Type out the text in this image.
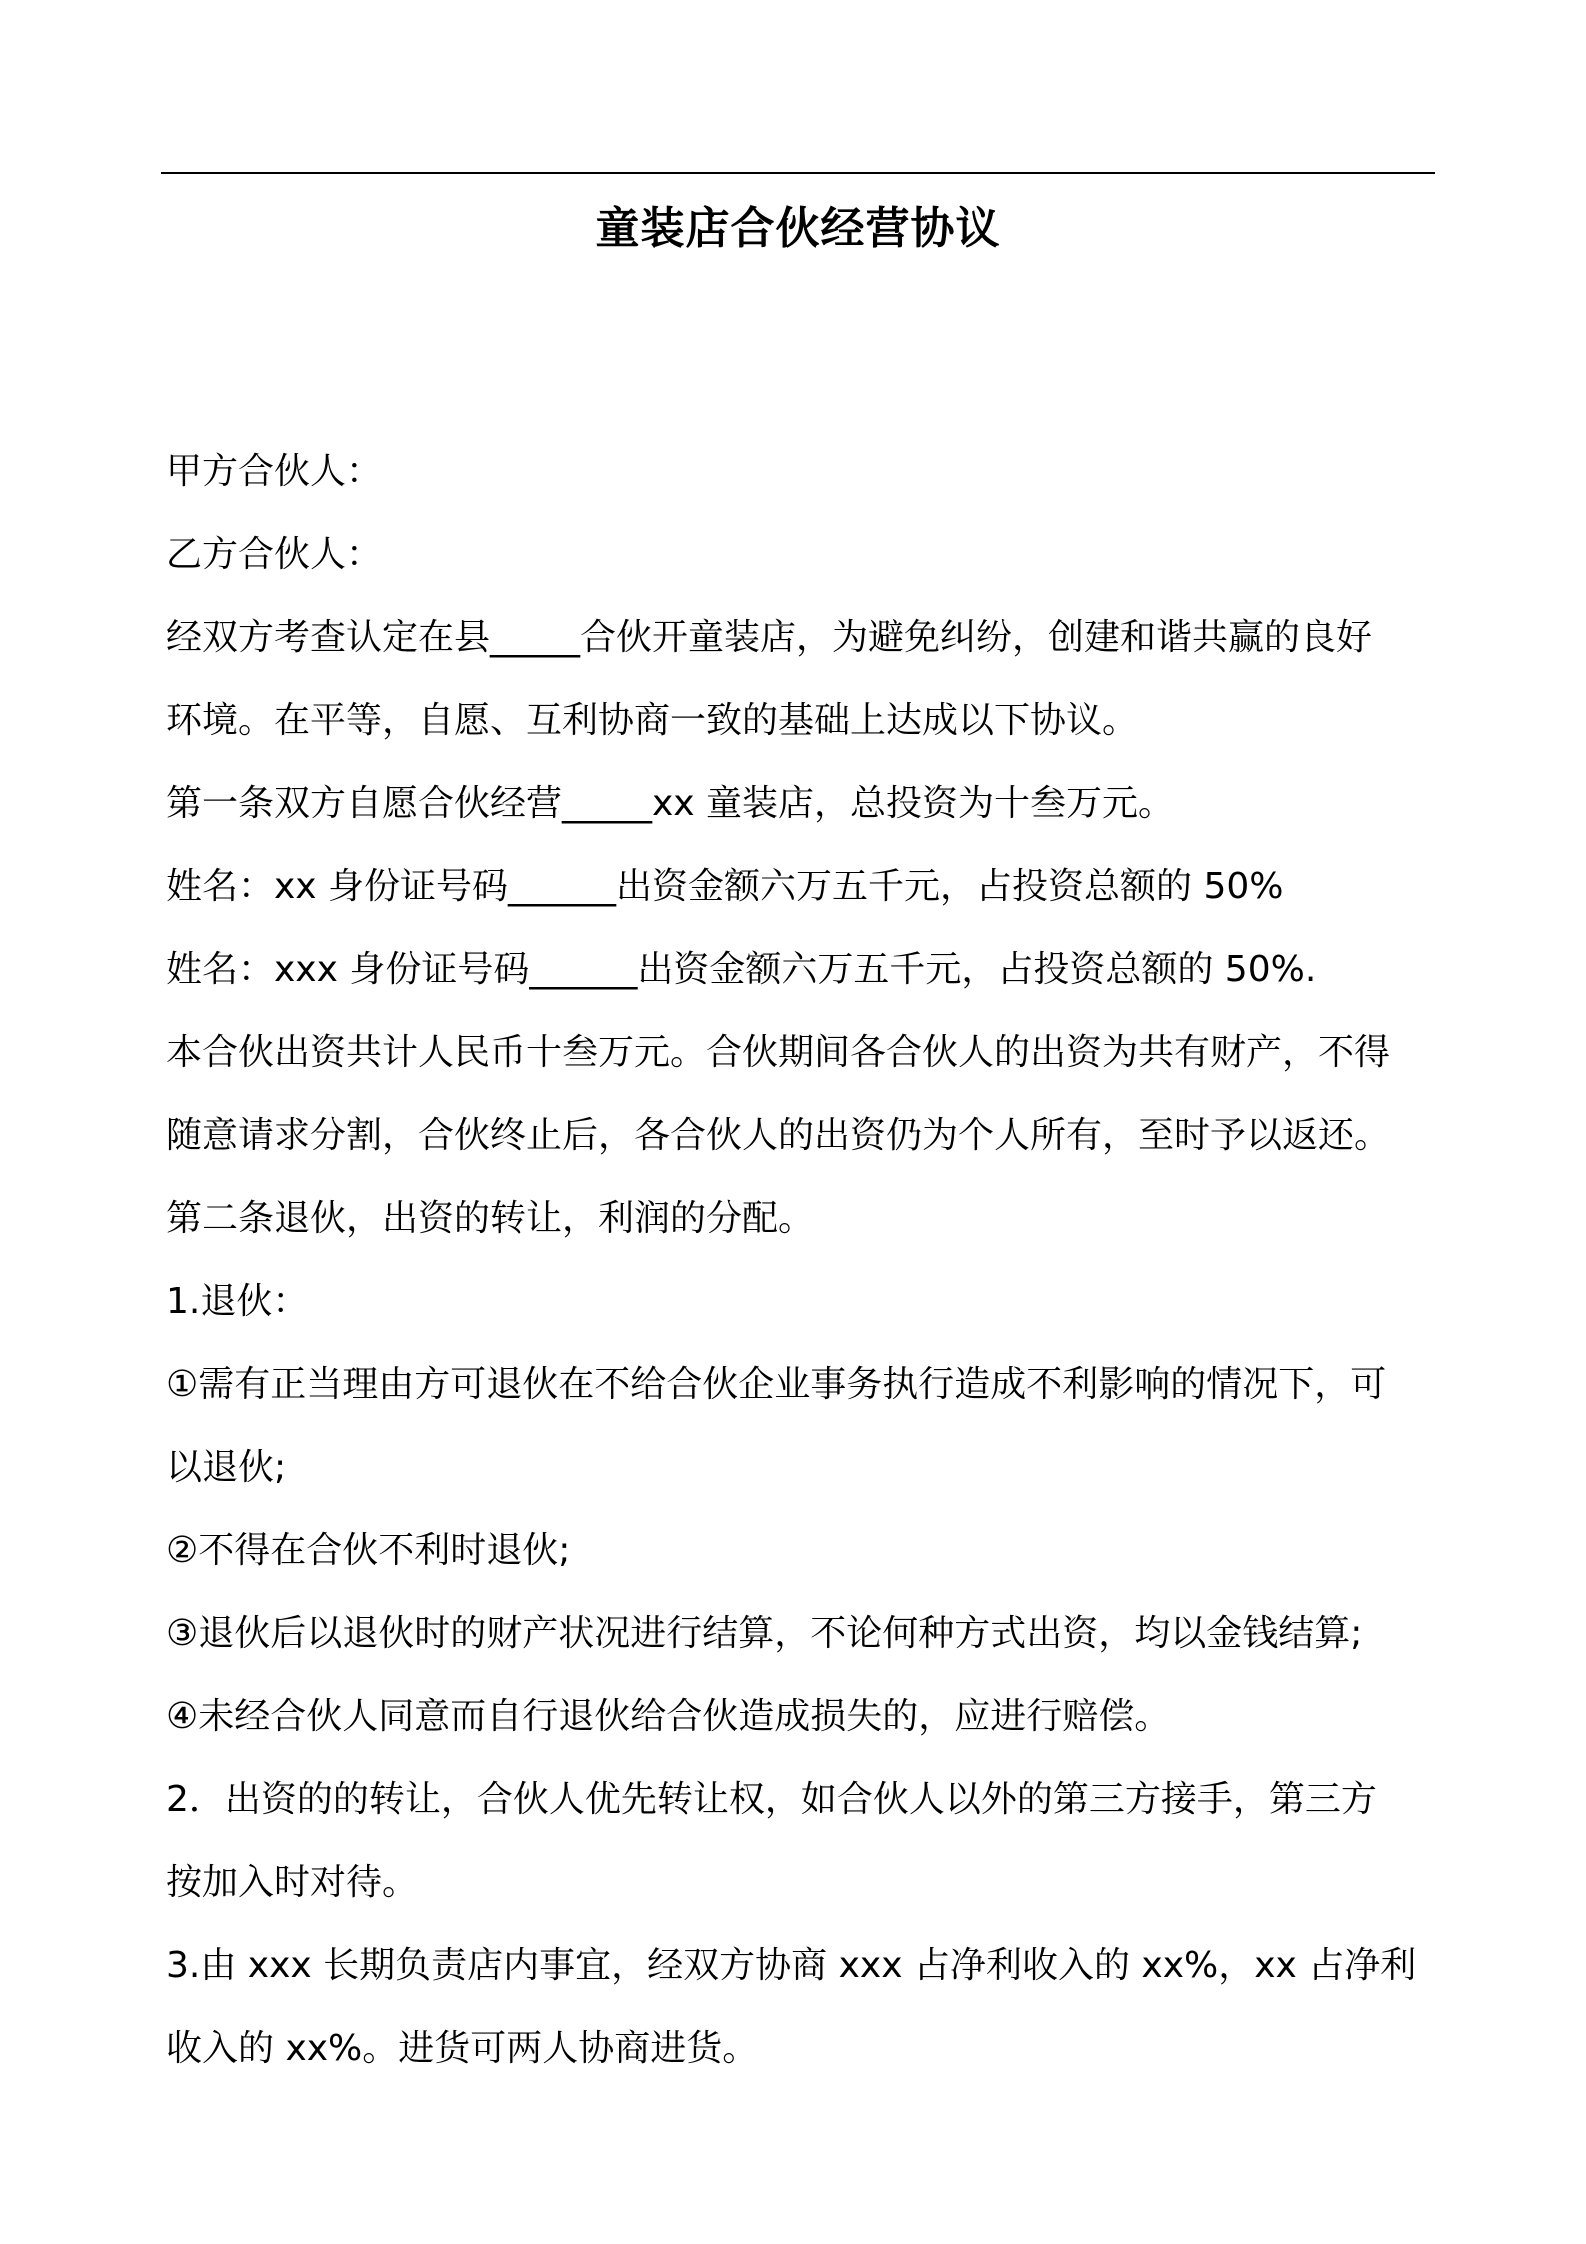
童装店合伙经营协议

甲方合伙人：

乙方合伙人：

经双方考查认定在县_____合伙开童装店，为避免纠纷，创建和谐共赢的良好

环境。在平等，自愿、互利协商一致的基础上达成以下协议。

第一条双方自愿合伙经营_____xx 童装店，总投资为十叁万元。

姓名：xx 身份证号码______出资金额六万五千元，占投资总额的 50%

姓名：xxx 身份证号码______出资金额六万五千元，占投资总额的 50%.

本合伙出资共计人民币十叁万元。合伙期间各合伙人的出资为共有财产，不得

随意请求分割，合伙终止后，各合伙人的出资仍为个人所有，至时予以返还。

第二条退伙，出资的转让，利润的分配。

1.退伙：

①需有正当理由方可退伙在不给合伙企业事务执行造成不利影响的情况下，可

以退伙;

②不得在合伙不利时退伙;

③退伙后以退伙时的财产状况进行结算，不论何种方式出资，均以金钱结算;

④未经合伙人同意而自行退伙给合伙造成损失的，应进行赔偿。

2．出资的的转让，合伙人优先转让权，如合伙人以外的第三方接手，第三方

按加入时对待。

3.由 xxx 长期负责店内事宜，经双方协商 xxx 占净利收入的 xx%，xx 占净利

收入的 xx%。进货可两人协商进货。
